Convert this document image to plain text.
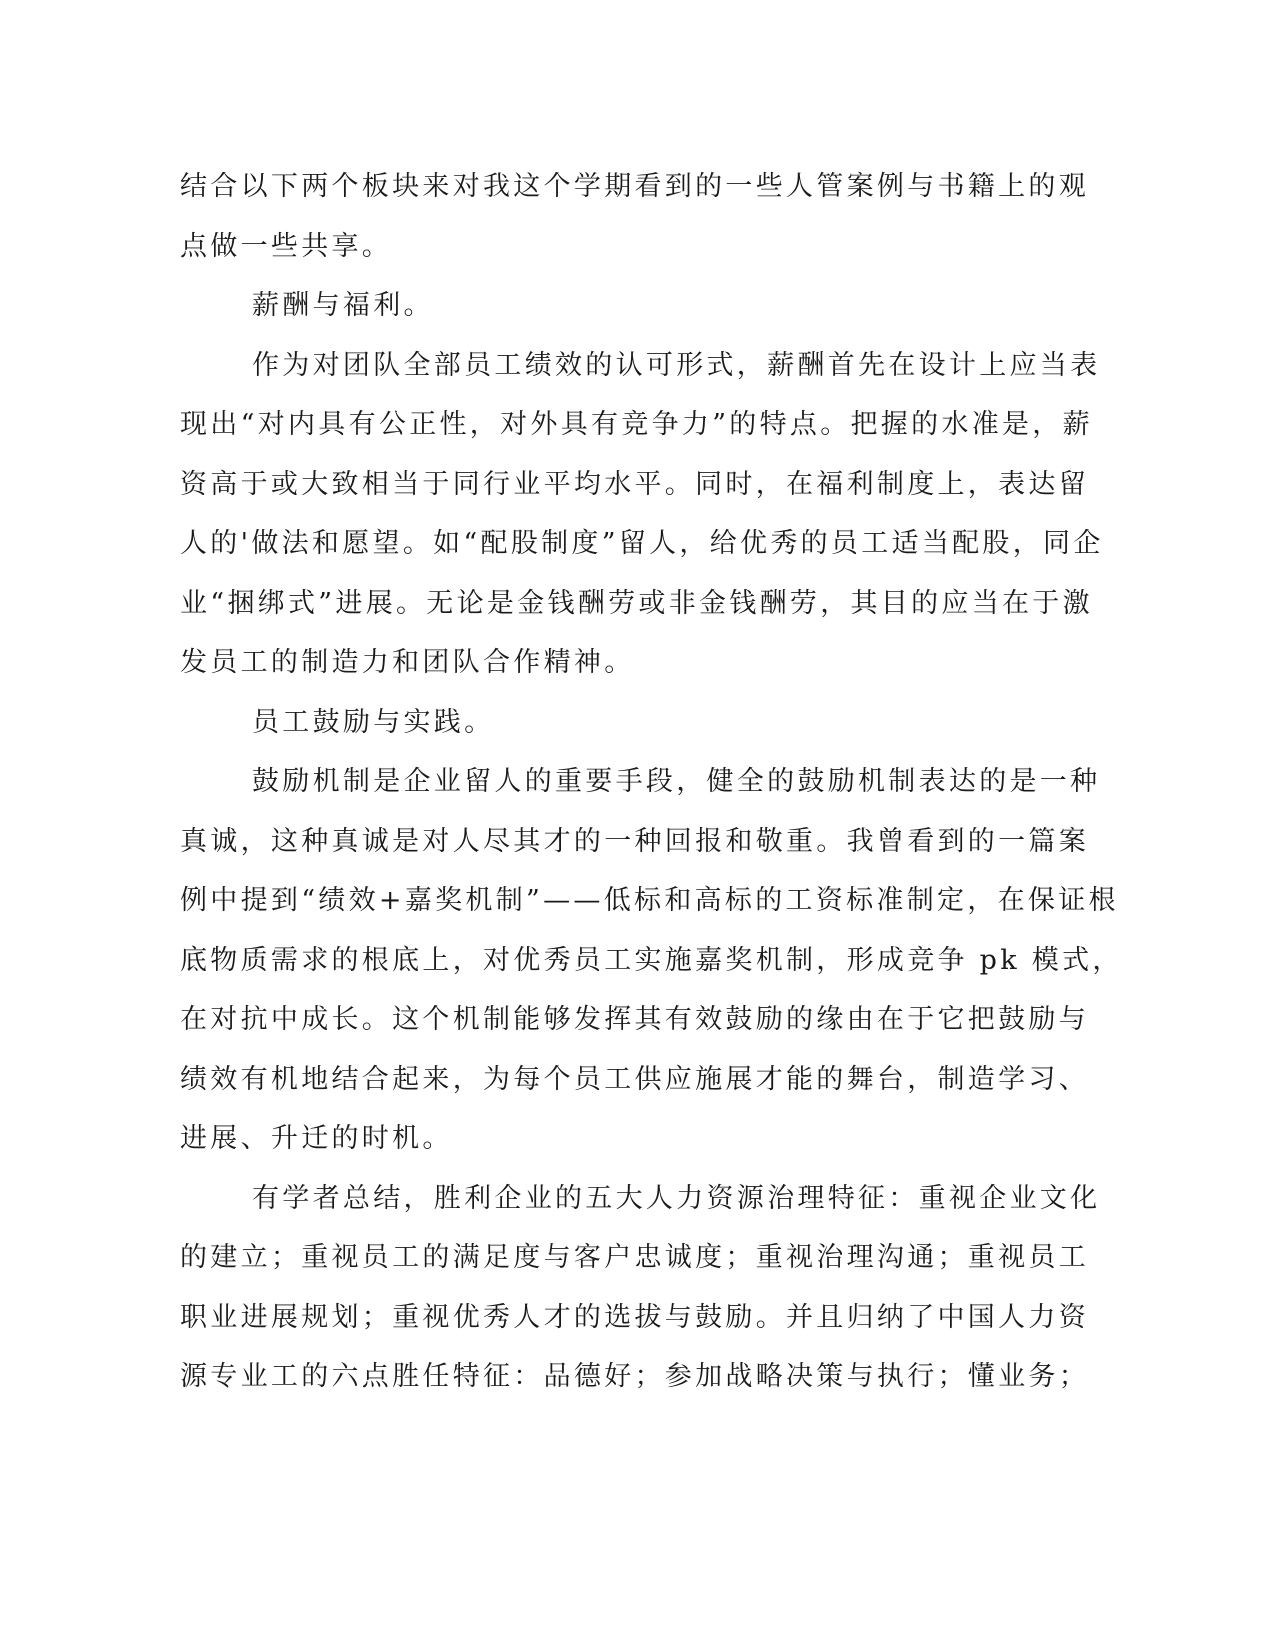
结合以下两个板块来对我这个学期看到的一些人管案例与书籍上的观
点做一些共享。
薪酬与福利。
作为对团队全部员工绩效的认可形式，薪酬首先在设计上应当表
现出“对内具有公正性，对外具有竞争力”的特点。把握的水准是，薪
资高于或大致相当于同行业平均水平。同时，在福利制度上，表达留
人的'做法和愿望。如“配股制度”留人，给优秀的员工适当配股，同企
业“捆绑式”进展。无论是金钱酬劳或非金钱酬劳，其目的应当在于激
发员工的制造力和团队合作精神。
员工鼓励与实践。
鼓励机制是企业留人的重要手段，健全的鼓励机制表达的是一种
真诚，这种真诚是对人尽其才的一种回报和敬重。我曾看到的一篇案
例中提到“绩效+嘉奖机制”——低标和高标的工资标准制定，在保证根
底物质需求的根底上，对优秀员工实施嘉奖机制，形成竞争 pk 模式，
在对抗中成长。这个机制能够发挥其有效鼓励的缘由在于它把鼓励与
绩效有机地结合起来，为每个员工供应施展才能的舞台，制造学习、
进展、升迁的时机。
有学者总结，胜利企业的五大人力资源治理特征：重视企业文化
的建立；重视员工的满足度与客户忠诚度；重视治理沟通；重视员工
职业进展规划；重视优秀人才的选拔与鼓励。并且归纳了中国人力资
源专业工的六点胜任特征：品德好；参加战略决策与执行；懂业务；
